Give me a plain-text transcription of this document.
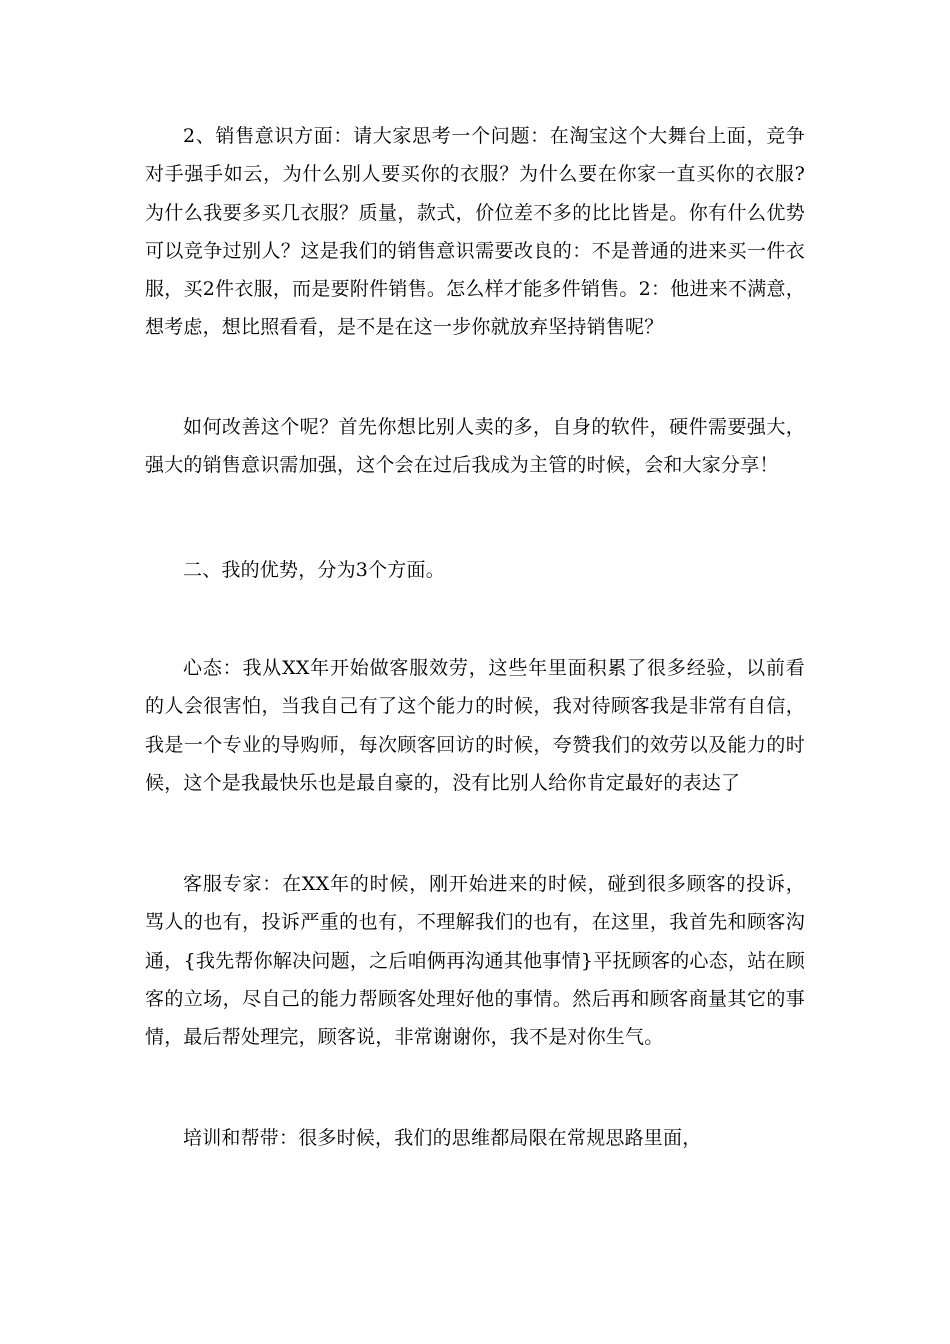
2、销售意识方面：请大家思考一个问题：在淘宝这个大舞台上面，竞争对手强手如云，为什么别人要买你的衣服？为什么要在你家一直买你的衣服?为什么我要多买几衣服？质量，款式，价位差不多的比比皆是。你有什么优势可以竞争过别人？这是我们的销售意识需要改良的：不是普通的进来买一件衣服，买2件衣服，而是要附件销售。怎么样才能多件销售。2：他进来不满意，想考虑，想比照看看，是不是在这一步你就放弃坚持销售呢？

如何改善这个呢？首先你想比别人卖的多，自身的软件，硬件需要强大，强大的销售意识需加强，这个会在过后我成为主管的时候，会和大家分享！

二、我的优势，分为3个方面。

心态：我从XX年开始做客服效劳，这些年里面积累了很多经验，以前看的人会很害怕，当我自己有了这个能力的时候，我对待顾客我是非常有自信，我是一个专业的导购师，每次顾客回访的时候，夸赞我们的效劳以及能力的时候，这个是我最快乐也是最自豪的，没有比别人给你肯定最好的表达了

客服专家：在XX年的时候，刚开始进来的时候，碰到很多顾客的投诉，骂人的也有，投诉严重的也有，不理解我们的也有，在这里，我首先和顾客沟通，{我先帮你解决问题，之后咱俩再沟通其他事情}平抚顾客的心态，站在顾客的立场，尽自己的能力帮顾客处理好他的事情。然后再和顾客商量其它的事情，最后帮处理完，顾客说，非常谢谢你，我不是对你生气。

培训和帮带：很多时候，我们的思维都局限在常规思路里面，
